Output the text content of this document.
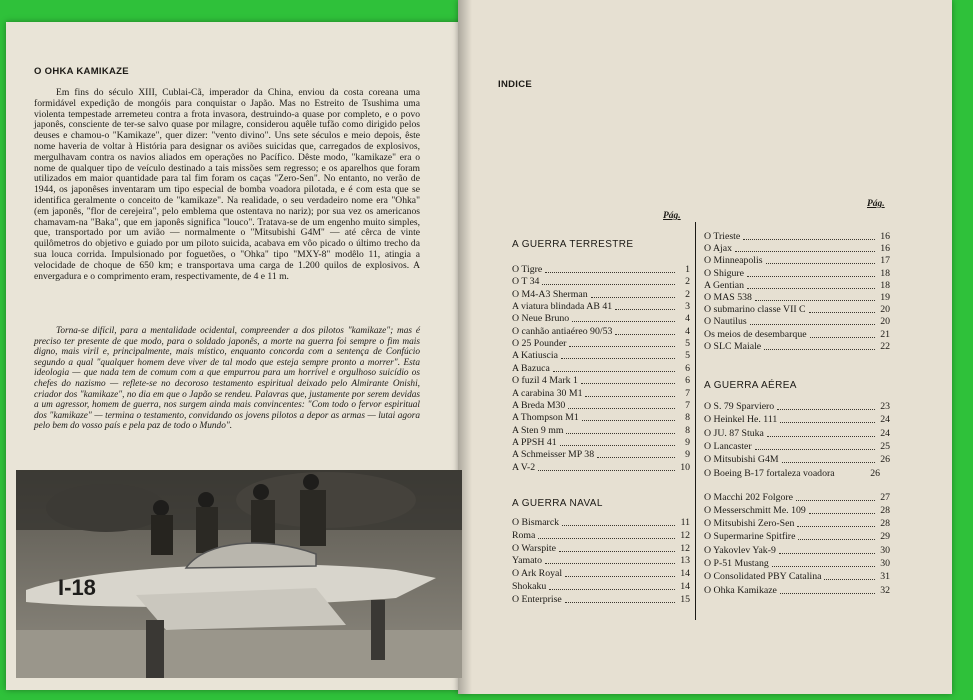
O OHKA KAMIKAZE

Em fins do século XIII, Cublai-Cã, imperador da China, enviou da costa coreana uma formidável expedição de mongóis para conquistar o Japão. Mas no Estreito de Tsushima uma violenta tempestade arremeteu contra a frota invasora, destruindo-a quase por completo, e o povo japonês, consciente de ter-se salvo quase por milagre, considerou aquêle tufão como dirigido pelos deuses e chamou-o "Kamikaze", quer dizer: "vento divino". Uns sete séculos e meio depois, êste nome haveria de voltar à História para designar os aviões suicidas que, carregados de explosivos, mergulhavam contra os navios aliados em operações no Pacífico. Dêste modo, "kamikaze" era o nome de qualquer tipo de veículo destinado a tais missões sem regresso; e os aparelhos que foram utilizados em maior quantidade para tal fim foram os caças "Zero-Sen". No entanto, no verão de 1944, os japonêses inventaram um tipo especial de bomba voadora pilotada, e é com esta que se identifica geralmente o conceito de "kamikaze". Na realidade, o seu verdadeiro nome era "Ohka" (em japonês, "flor de cerejeira", pelo emblema que ostentava no nariz); por sua vez os americanos chamavam-na "Baka", que em japonês significa "louco". Tratava-se de um engenho muito simples, que, transportado por um avião — normalmente o "Mitsubishi G4M" — até cêrca de vinte quilômetros do objetivo e guiado por um piloto suicida, acabava em vôo picado o último trecho da sua louca corrida. Impulsionado por foguetões, o "Ohka" tipo "MXY-8" modêlo 11, atingia a velocidade de choque de 650 km; e transportava uma carga de 1.200 quilos de explosivos. A envergadura e o comprimento eram, respectivamente, de 4 e 11 m.

Torna-se difícil, para a mentalidade ocidental, compreender a dos pilotos "kamikaze"; mas é preciso ter presente de que modo, para o soldado japonês, a morte na guerra foi sempre o fim mais digno, mais viril e, principalmente, mais místico, enquanto concorda com a sentença de Confúcio segundo a qual "qualquer homem deve viver de tal modo que esteja sempre pronto a morrer". Esta ideologia — que nada tem de comum com a que empurrou para um horrível e orgulhoso suicídio os chefes do nazismo — reflete-se no decoroso testamento espiritual deixado pelo Almirante Onishi, criador dos "kamikaze", no dia em que o Japão se rendeu. Palavras que, justamente por serem devidas a um agressor, homem de guerra, nos surgem ainda mais convincentes: "Com todo o fervor espiritual dos "kamikaze" — termina o testamento, convidando os jovens pilotos a depor as armas — lutai agora pelo bem do vosso país e pela paz de todo o Mundo".

I-18
INDICE
Pág.
Pág.
A GUERRA TERRESTRE
O Tigre	1
O T 34	2
O M4-A3 Sherman	2
A viatura blindada AB 41	3
O Neue Bruno	4
O canhão antiaéreo 90/53	4
O 25 Pounder	5
A Katiuscia	5
A Bazuca	6
O fuzil 4 Mark 1	6
A carabina 30 M1	7
A Breda M30	7
A Thompson M1	8
A Sten 9 mm	8
A PPSH 41	9
A Schmeisser MP 38	9
A V-2	10
A GUERRA NAVAL
O Bismarck	11
Roma	12
O Warspite	12
Yamato	13
O Ark Royal	14
Shokaku	14
O Enterprise	15
O Trieste	16
O Ajax	16
O Minneapolis	17
O Shigure	18
A Gentian	18
O MAS 538	19
O submarino classe VII C	20
O Nautilus	20
Os meios de desembarque	21
O SLC Maiale	22
A GUERRA AÉREA
O S. 79 Sparviero	23
O Heinkel He. 111	24
O JU. 87 Stuka	24
O Lancaster	25
O Mitsubishi G4M	26
O Boeing B-17 fortaleza voadora	26
O Macchi 202 Folgore	27
O Messerschmitt Me. 109	28
O Mitsubishi Zero-Sen	28
O Supermarine Spitfire	29
O Yakovlev Yak-9	30
O P-51 Mustang	30
O Consolidated PBY Catalina	31
O Ohka Kamikaze	32
